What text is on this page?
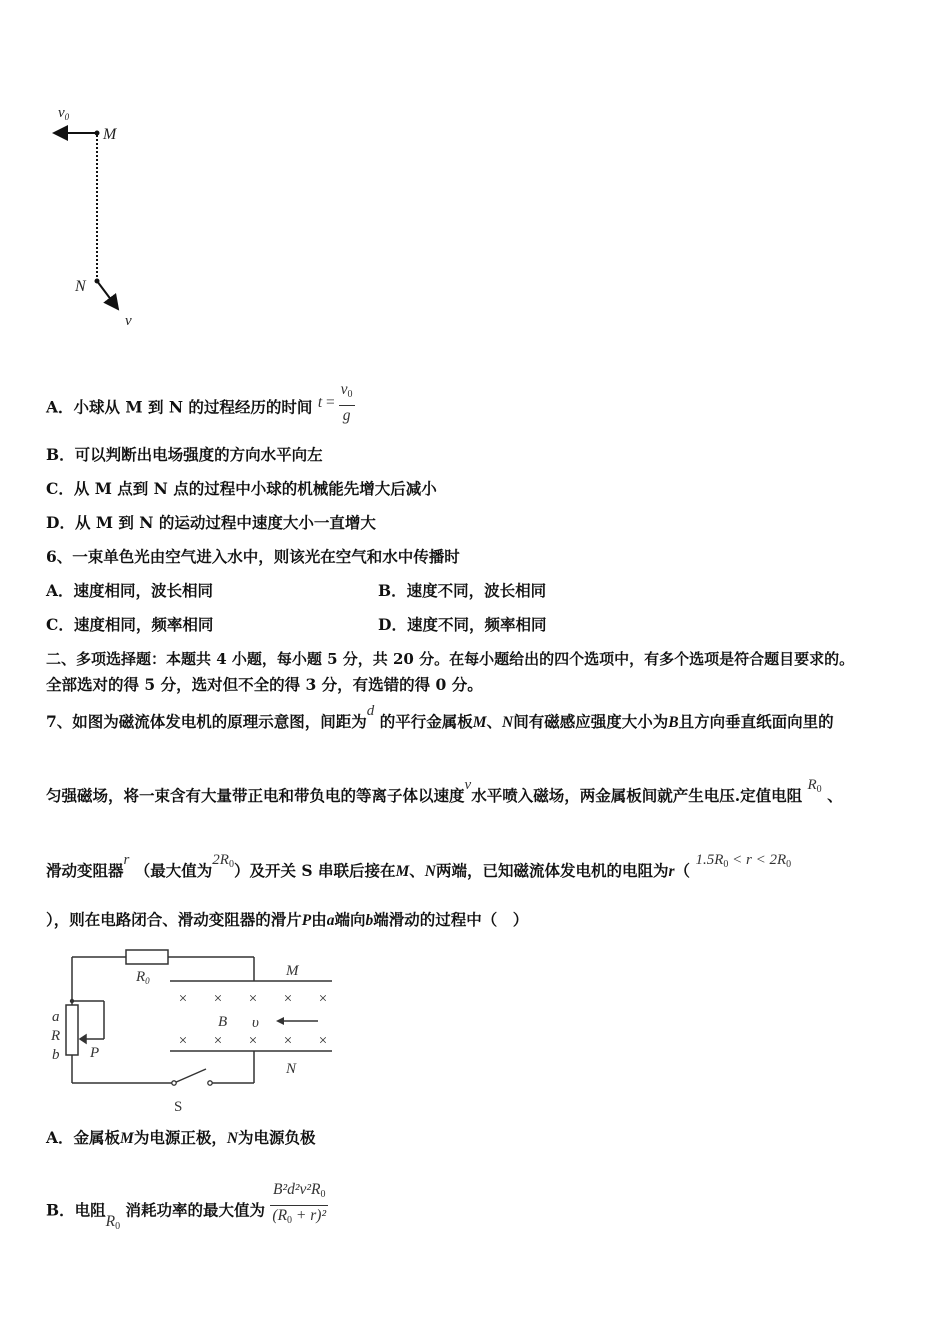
$v_0$
M
N
v
A．小球从 M 到 N 的过程经历的时间 $t = \frac{v_0}{g}$
B．可以判断出电场强度的方向水平向左
C．从 M 点到 N 点的过程中小球的机械能先增大后减小
D．从 M 到 N 的运动过程中速度大小一直增大
6、一束单色光由空气进入水中，则该光在空气和水中传播时
A．速度相同，波长相同	B．速度不同，波长相同
C．速度相同，频率相同	D．速度不同，频率相同
二、多项选择题：本题共 4 小题，每小题 5 分，共 20 分。在每小题给出的四个选项中，有多个选项是符合题目要求的。
全部选对的得 5 分，选对但不全的得 3 分，有选错的得 0 分。
7、如图为磁流体发电机的原理示意图，间距为d 的平行金属板M、N间有磁感应强度大小为B且方向垂直纸面向里的
匀强磁场，将一束含有大量带正电和带负电的等离子体以速度v水平喷入磁场，两金属板间就产生电压.定值电阻 $R_0$ 、
滑动变阻器r （最大值为$2R_0$）及开关 S 串联后接在M、N两端，已知磁流体发电机的电阻为r（ $1.5R_0 < r < 2R_0$
），则在电路闭合、滑动变阻器的滑片P由a端向b端滑动的过程中（　）
× × × × ×
× × × × ×
$R_0$
M
N
B υ
a
R
b P
S
A．金属板M为电源正极，N为电源负极
B．电阻$R_0$ 消耗功率的最大值为 $\frac{B^2d^2v^2R_0}{(R_0 + r)^2}$
